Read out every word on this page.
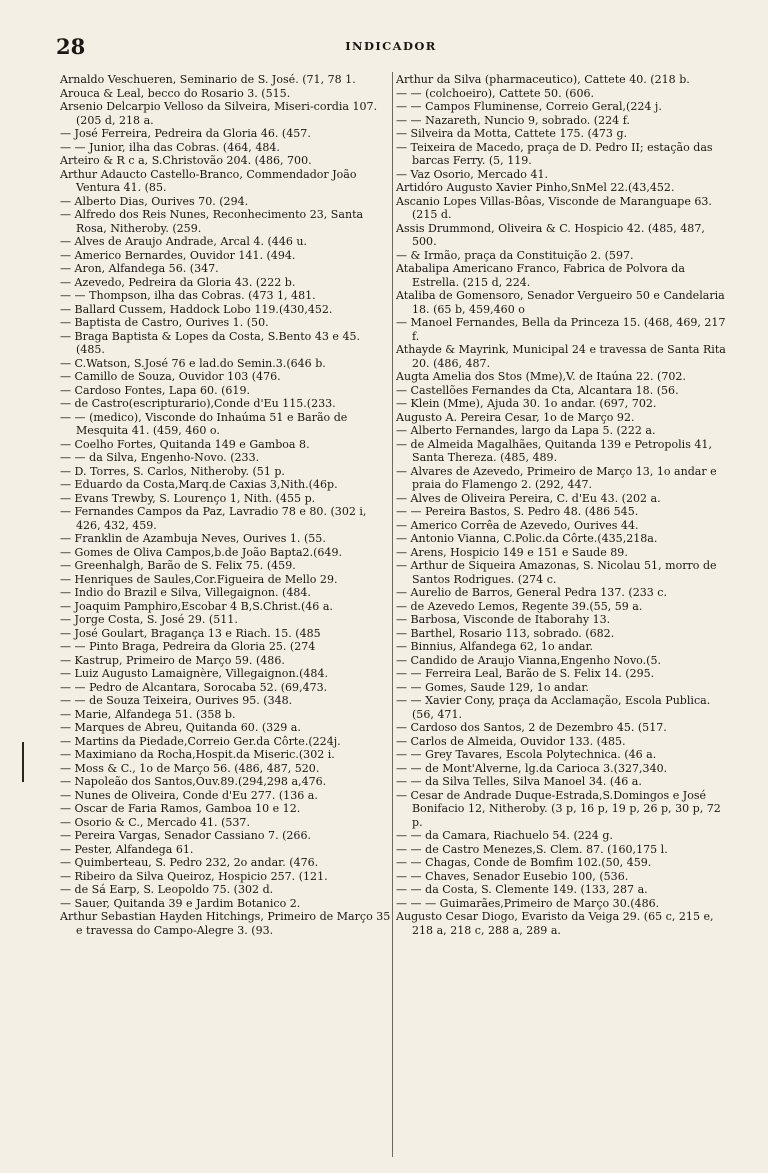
28	INDICADOR

Arnaldo Veschueren, Seminario de S. José. (71, 78 1.

Arouca & Leal, becco do Rosario 3. (515.

Arsenio Delcarpio Velloso da Silveira, Miseri-cordia 107. (205 d, 218 a.

— José Ferreira, Pedreira da Gloria 46. (457.

— — Junior, ilha das Cobras. (464, 484.

Arteiro & R c a, S.Christovão 204. (486, 700.

Arthur Adaucto Castello-Branco, Commendador João Ventura 41. (85.

— Alberto Dias, Ourives 70. (294.

— Alfredo dos Reis Nunes, Reconhecimento 23, Santa Rosa, Nitheroby. (259.

— Alves de Araujo Andrade, Arcal 4. (446 u.

— Americo Bernardes, Ouvidor 141. (494.

— Aron, Alfandega 56. (347.

— Azevedo, Pedreira da Gloria 43. (222 b.

— — Thompson, ilha das Cobras. (473 1, 481.

— Ballard Cussem, Haddock Lobo 119.(430,452.

— Baptista de Castro, Ourives 1. (50.

— Braga Baptista & Lopes da Costa, S.Bento 43 e 45. (485.

— C.Watson, S.José 76 e lad.do Semin.3.(646 b.

— Camillo de Souza, Ouvidor 103 (476.

— Cardoso Fontes, Lapa 60. (619.

— de Castro(escripturario),Conde d'Eu 115.(233.

— — (medico), Visconde do Inhaúma 51 e Barão de Mesquita 41. (459, 460 o.

— Coelho Fortes, Quitanda 149 e Gamboa 8.

— — da Silva, Engenho-Novo. (233.

— D. Torres, S. Carlos, Nitheroby. (51 p.

— Eduardo da Costa,Marq.de Caxias 3,Nith.(46p.

— Evans Trewby, S. Lourenço 1, Nith. (455 p.

— Fernandes Campos da Paz, Lavradio 78 e 80. (302 i, 426, 432, 459.

— Franklin de Azambuja Neves, Ourives 1. (55.

— Gomes de Oliva Campos,b.de João Bapta2.(649.

— Greenhalgh, Barão de S. Felix 75. (459.

— Henriques de Saules,Cor.Figueira de Mello 29.

— Indio do Brazil e Silva, Villegaignon. (484.

— Joaquim Pamphiro,Escobar 4 B,S.Christ.(46 a.

— Jorge Costa, S. José 29. (511.

— José Goulart, Bragança 13 e Riach. 15. (485

— — Pinto Braga, Pedreira da Gloria 25. (274

— Kastrup, Primeiro de Março 59. (486.

— Luiz Augusto Lamaignère, Villegaignon.(484.

— — Pedro de Alcantara, Sorocaba 52. (69,473.

— — de Souza Teixeira, Ourives 95. (348.

— Marie, Alfandega 51. (358 b.

— Marques de Abreu, Quitanda 60. (329 a.

— Martins da Piedade,Correio Ger.da Côrte.(224j.

— Maximiano da Rocha,Hospit.da Miseric.(302 i.

— Moss & C., 1o de Março 56. (486, 487, 520.

— Napoleão dos Santos,Ouv.89.(294,298 a,476.

— Nunes de Oliveira, Conde d'Eu 277. (136 a.

— Oscar de Faria Ramos, Gamboa 10 e 12.

— Osorio & C., Mercado 41. (537.

— Pereira Vargas, Senador Cassiano 7. (266.

— Pester, Alfandega 61.

— Quimberteau, S. Pedro 232, 2o andar. (476.

— Ribeiro da Silva Queiroz, Hospicio 257. (121.

— de Sá Earp, S. Leopoldo 75. (302 d.

— Sauer, Quitanda 39 e Jardim Botanico 2.

Arthur Sebastian Hayden Hitchings, Primeiro de Março 35 e travessa do Campo-Alegre 3. (93.

Arthur da Silva (pharmaceutico), Cattete 40. (218 b.

— — (colchoeiro), Cattete 50. (606.

— — Campos Fluminense, Correio Geral,(224 j.

— — Nazareth, Nuncio 9, sobrado. (224 f.

— Silveira da Motta, Cattete 175. (473 g.

— Teixeira de Macedo, praça de D. Pedro II; estação das barcas Ferry. (5, 119.

— Vaz Osorio, Mercado 41.

Artidóro Augusto Xavier Pinho,SnMel 22.(43,452.

Ascanio Lopes Villas-Bôas, Visconde de Maranguape 63. (215 d.

Assis Drummond, Oliveira & C. Hospicio 42. (485, 487, 500.

— & Irmão, praça da Constituição 2. (597.

Atabalipa Americano Franco, Fabrica de Polvora da Estrella. (215 d, 224.

Ataliba de Gomensoro, Senador Vergueiro 50 e Candelaria 18. (65 b, 459,460 o

— Manoel Fernandes, Bella da Princeza 15. (468, 469, 217 f.

Athayde & Mayrink, Municipal 24 e travessa de Santa Rita 20. (486, 487.

Augta Amelia dos Stos (Mme),V. de Itaúna 22. (702.

— Castellões Fernandes da Cta, Alcantara 18. (56.

— Klein (Mme), Ajuda 30. 1o andar. (697, 702.

Augusto A. Pereira Cesar, 1o de Março 92.

— Alberto Fernandes, largo da Lapa 5. (222 a.

— de Almeida Magalhães, Quitanda 139 e Petropolis 41, Santa Thereza. (485, 489.

— Alvares de Azevedo, Primeiro de Março 13, 1o andar e praia do Flamengo 2. (292, 447.

— Alves de Oliveira Pereira, C. d'Eu 43. (202 a.

— — Pereira Bastos, S. Pedro 48. (486 545.

— Americo Corrêa de Azevedo, Ourives 44.

— Antonio Vianna, C.Polic.da Côrte.(435,218a.

— Arens, Hospicio 149 e 151 e Saude 89.

— Arthur de Siqueira Amazonas, S. Nicolau 51, morro de Santos Rodrigues. (274 c.

— Aurelio de Barros, General Pedra 137. (233 c.

— de Azevedo Lemos, Regente 39.(55, 59 a.

— Barbosa, Visconde de Itaborahy 13.

— Barthel, Rosario 113, sobrado. (682.

— Binnius, Alfandega 62, 1o andar.

— Candido de Araujo Vianna,Engenho Novo.(5.

— — Ferreira Leal, Barão de S. Felix 14. (295.

— — Gomes, Saude 129, 1o andar.

— — Xavier Cony, praça da Acclamação, Escola Publica. (56, 471.

— Cardoso dos Santos, 2 de Dezembro 45. (517.

— Carlos de Almeida, Ouvidor 133. (485.

— — Grey Tavares, Escola Polytechnica. (46 a.

— — de Mont'Alverne, lg.da Carioca 3.(327,340.

— — da Silva Telles, Silva Manoel 34. (46 a.

— Cesar de Andrade Duque-Estrada,S.Domingos e José Bonifacio 12, Nitheroby. (3 p, 16 p, 19 p, 26 p, 30 p, 72 p.

— — da Camara, Riachuelo 54. (224 g.

— — de Castro Menezes,S. Clem. 87. (160,175 l.

— — Chagas, Conde de Bomfim 102.(50, 459.

— — Chaves, Senador Eusebio 100, (536.

— — da Costa, S. Clemente 149. (133, 287 a.

— — — Guimarães,Primeiro de Março 30.(486.

Augusto Cesar Diogo, Evaristo da Veiga 29. (65 c, 215 e, 218 a, 218 c, 288 a, 289 a.
